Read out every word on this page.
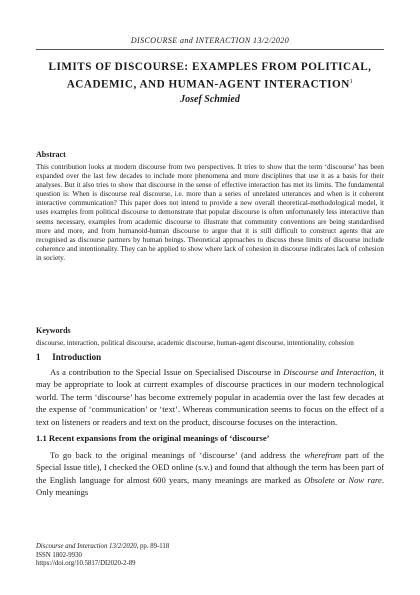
DISCOURSE and INTERACTION 13/2/2020
LIMITS OF DISCOURSE: EXAMPLES FROM POLITICAL,
ACADEMIC, AND HUMAN-AGENT INTERACTION$^1$

Josef Schmied

Abstract

This contribution looks at modern discourse from two perspectives. It tries to show that the term ‘discourse’ has been expanded over the last few decades to include more phenomena and more disciplines that use it as a basis for their analyses. But it also tries to show that discourse in the sense of effective interaction has met its limits. The fundamental question is: When is discourse real discourse, i.e. more than a series of unrelated utterances and when is it coherent interactive communication? This paper does not intend to provide a new overall theoretical-methodological model, it uses examples from political discourse to demonstrate that popular discourse is often unfortunately less interactive than seems necessary, examples from academic discourse to illustrate that community conventions are being standardised more and more, and from humanoid-human discourse to argue that it is still difficult to construct agents that are recognised as discourse partners by human beings. Theoretical approaches to discuss these limits of discourse include coherence and intentionality. They can be applied to show where lack of cohesion in discourse indicates lack of cohesion in society.

Keywords

discourse, interaction, political discourse, academic discourse, human-agent discourse, intentionality, cohesion

1 Introduction

As a contribution to the Special Issue on Specialised Discourse in Discourse and Interaction, it may be appropriate to look at current examples of discourse practices in our modern technological world. The term ‘discourse’ has become extremely popular in academia over the last few decades at the expense of ‘communication’ or ‘text’. Whereas communication seems to focus on the effect of a text on listeners or readers and text on the product, discourse focuses on the interaction.

1.1 Recent expansions from the original meanings of ‘discourse’

To go back to the original meanings of ‘discourse’ (and address the wherefrom part of the Special Issue title), I checked the OED online (s.v.) and found that although the term has been part of the English language for almost 600 years, many meanings are marked as Obsolete or Now rare. Only meanings

Discourse and Interaction 13/2/2020, pp. 89-118
ISSN 1802-9930
https://doi.org/10.5817/DI2020-2-89
